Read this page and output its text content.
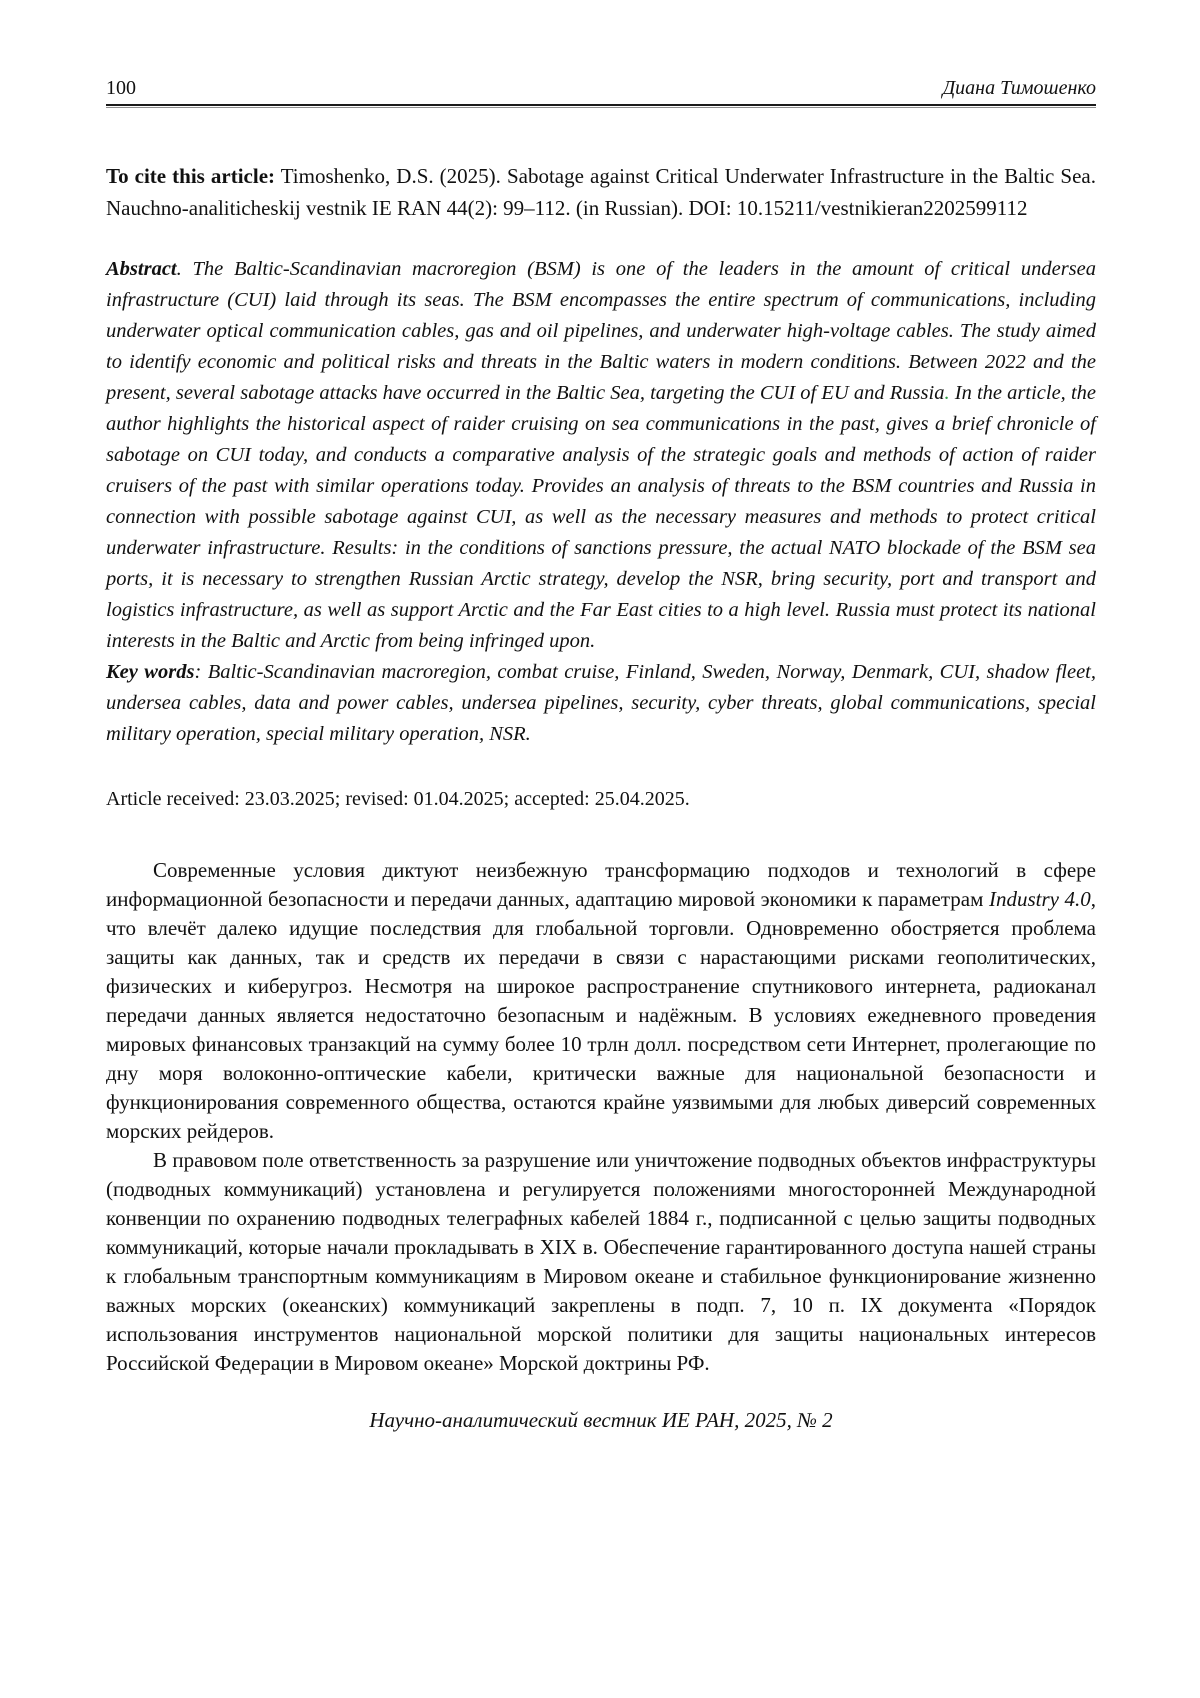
100	Диана Тимошенко

To cite this article: Timoshenko, D.S. (2025). Sabotage against Critical Underwater Infrastructure in the Baltic Sea. Nauchno-analiticheskij vestnik IE RAN 44(2): 99–112. (in Russian). DOI: 10.15211/vestnikieran2202599112

Abstract. The Baltic-Scandinavian macroregion (BSM) is one of the leaders in the amount of critical undersea infrastructure (CUI) laid through its seas. The BSM encompasses the entire spectrum of communications, including underwater optical communication cables, gas and oil pipelines, and underwater high-voltage cables. The study aimed to identify economic and political risks and threats in the Baltic waters in modern conditions. Between 2022 and the present, several sabotage attacks have occurred in the Baltic Sea, targeting the CUI of EU and Russia. In the article, the author highlights the historical aspect of raider cruising on sea communications in the past, gives a brief chronicle of sabotage on CUI today, and conducts a comparative analysis of the strategic goals and methods of action of raider cruisers of the past with similar operations today. Provides an analysis of threats to the BSM countries and Russia in connection with possible sabotage against CUI, as well as the necessary measures and methods to protect critical underwater infrastructure. Results: in the conditions of sanctions pressure, the actual NATO blockade of the BSM sea ports, it is necessary to strengthen Russian Arctic strategy, develop the NSR, bring security, port and transport and logistics infrastructure, as well as support Arctic and the Far East cities to a high level. Russia must protect its national interests in the Baltic and Arctic from being infringed upon.

Key words: Baltic-Scandinavian macroregion, combat cruise, Finland, Sweden, Norway, Denmark, CUI, shadow fleet, undersea cables, data and power cables, undersea pipelines, security, cyber threats, global communications, special military operation, special military operation, NSR.

Article received: 23.03.2025; revised: 01.04.2025; accepted: 25.04.2025.

Современные условия диктуют неизбежную трансформацию подходов и технологий в сфере информационной безопасности и передачи данных, адаптацию мировой экономики к параметрам Industry 4.0, что влечёт далеко идущие последствия для глобальной торговли. Одновременно обостряется проблема защиты как данных, так и средств их передачи в связи с нарастающими рисками геополитических, физических и киберугроз. Несмотря на широкое распространение спутникового интернета, радиоканал передачи данных является недостаточно безопасным и надёжным. В условиях ежедневного проведения мировых финансовых транзакций на сумму более 10 трлн долл. посредством сети Интернет, пролегающие по дну моря волоконно-оптические кабели, критически важные для национальной безопасности и функционирования современного общества, остаются крайне уязвимыми для любых диверсий современных морских рейдеров.

В правовом поле ответственность за разрушение или уничтожение подводных объектов инфраструктуры (подводных коммуникаций) установлена и регулируется положениями многосторонней Международной конвенции по охранению подводных телеграфных кабелей 1884 г., подписанной с целью защиты подводных коммуникаций, которые начали прокладывать в XIX в. Обеспечение гарантированного доступа нашей страны к глобальным транспортным коммуникациям в Мировом океане и стабильное функционирование жизненно важных морских (океанских) коммуникаций закреплены в подп. 7, 10 п. IX документа «Порядок использования инструментов национальной морской политики для защиты национальных интересов Российской Федерации в Мировом океане» Морской доктрины РФ.

Научно-аналитический вестник ИЕ РАН, 2025, № 2
